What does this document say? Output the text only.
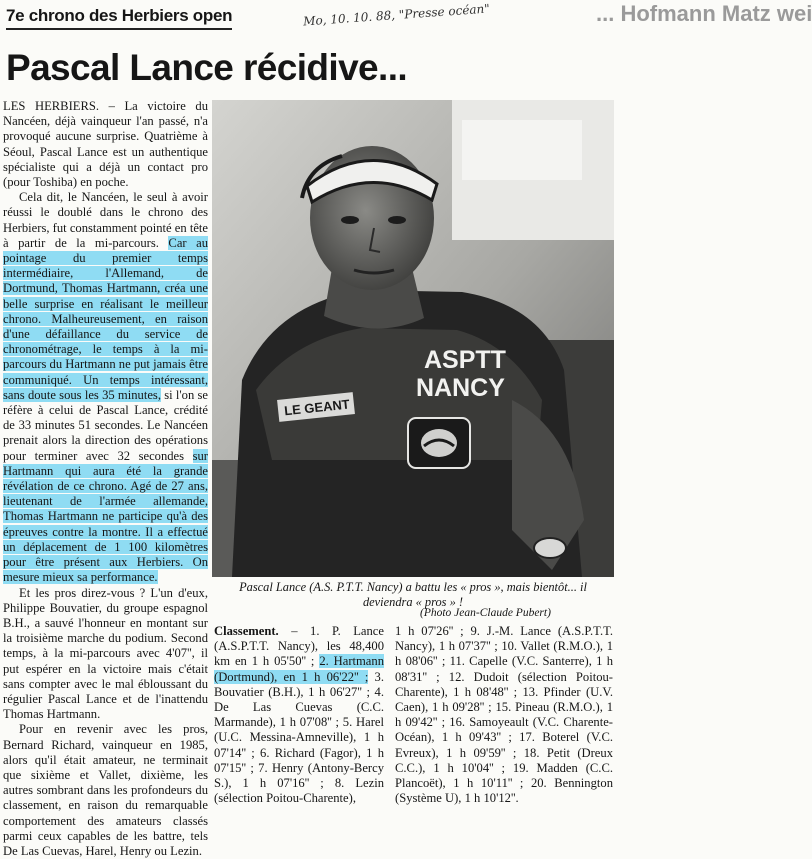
7e chrono des Herbiers open	Mo, 10. 10. 88, "Presse océan"	... Hofmann Matz wei
Pascal Lance récidive...

LES HERBIERS. – La victoire du Nancéen, déjà vainqueur l'an passé, n'a provoqué aucune surprise. Quatrième à Séoul, Pascal Lance est un authentique spécialiste qui a déjà un contact pro (pour Toshiba) en poche.

Cela dit, le Nancéen, le seul à avoir réussi le doublé dans le chrono des Herbiers, fut constamment pointé en tête à partir de la mi-parcours. Car au pointage du premier temps intermédiaire, l'Allemand, de Dortmund, Thomas Hartmann, créa une belle surprise en réalisant le meilleur chrono. Malheureusement, en raison d'une défaillance du service de chronométrage, le temps à la mi-parcours du Hartmann ne put jamais être communiqué. Un temps intéressant, sans doute sous les 35 minutes, si l'on se réfère à celui de Pascal Lance, crédité de 33 minutes 51 secondes. Le Nancéen prenait alors la direction des opérations pour terminer avec 32 secondes sur Hartmann qui aura été la grande révélation de ce chrono. Agé de 27 ans, lieutenant de l'armée allemande, Thomas Hartmann ne participe qu'à des épreuves contre la montre. Il a effectué un déplacement de 1 100 kilomètres pour être présent aux Herbiers. On mesure mieux sa performance.

Et les pros direz-vous ? L'un d'eux, Philippe Bouvatier, du groupe espagnol B.H., a sauvé l'honneur en montant sur la troisième marche du podium. Second temps, à la mi-parcours avec 4'07'', il put espérer en la victoire mais c'était sans compter avec le mal ébloussant du régulier Pascal Lance et de l'inattendu Thomas Hartmann.

Pour en revenir avec les pros, Bernard Richard, vainqueur en 1985, alors qu'il était amateur, ne terminait que sixième et Vallet, dixième, les autres sombrant dans les profondeurs du classement, en raison du remarquable comportement des amateurs classés parmi ceux capables de les battre, tels De Las Cuevas, Harel, Henry ou Lezin.

ASPTT
NANCY
LE GEANT
Pascal Lance (A.S. P.T.T. Nancy) a battu les « pros », mais bientôt... il deviendra « pros » !
(Photo Jean-Claude Pubert)

Classement. – 1. P. Lance (A.S.P.T.T. Nancy), les 48,400 km en 1 h 05'50'' ; 2. Hartmann (Dortmund), en 1 h 06'22'' ; 3. Bouvatier (B.H.), 1 h 06'27'' ; 4. De Las Cuevas (C.C. Marmande), 1 h 07'08'' ; 5. Harel (U.C. Messina-Amneville), 1 h 07'14'' ; 6. Richard (Fagor), 1 h 07'15'' ; 7. Henry (Antony-Bercy S.), 1 h 07'16'' ; 8. Lezin (sélection Poitou-Charente),

1 h 07'26'' ; 9. J.-M. Lance (A.S.P.T.T. Nancy), 1 h 07'37'' ; 10. Vallet (R.M.O.), 1 h 08'06'' ; 11. Capelle (V.C. Santerre), 1 h 08'31'' ; 12. Dudoit (sélection Poitou-Charente), 1 h 08'48'' ; 13. Pfinder (U.V. Caen), 1 h 09'28'' ; 15. Pineau (R.M.O.), 1 h 09'42'' ; 16. Samoyeault (V.C. Charente-Océan), 1 h 09'43'' ; 17. Boterel (V.C. Evreux), 1 h 09'59'' ; 18. Petit (Dreux C.C.), 1 h 10'04'' ; 19. Madden (C.C. Plancoët), 1 h 10'11'' ; 20. Bennington (Système U), 1 h 10'12''.
